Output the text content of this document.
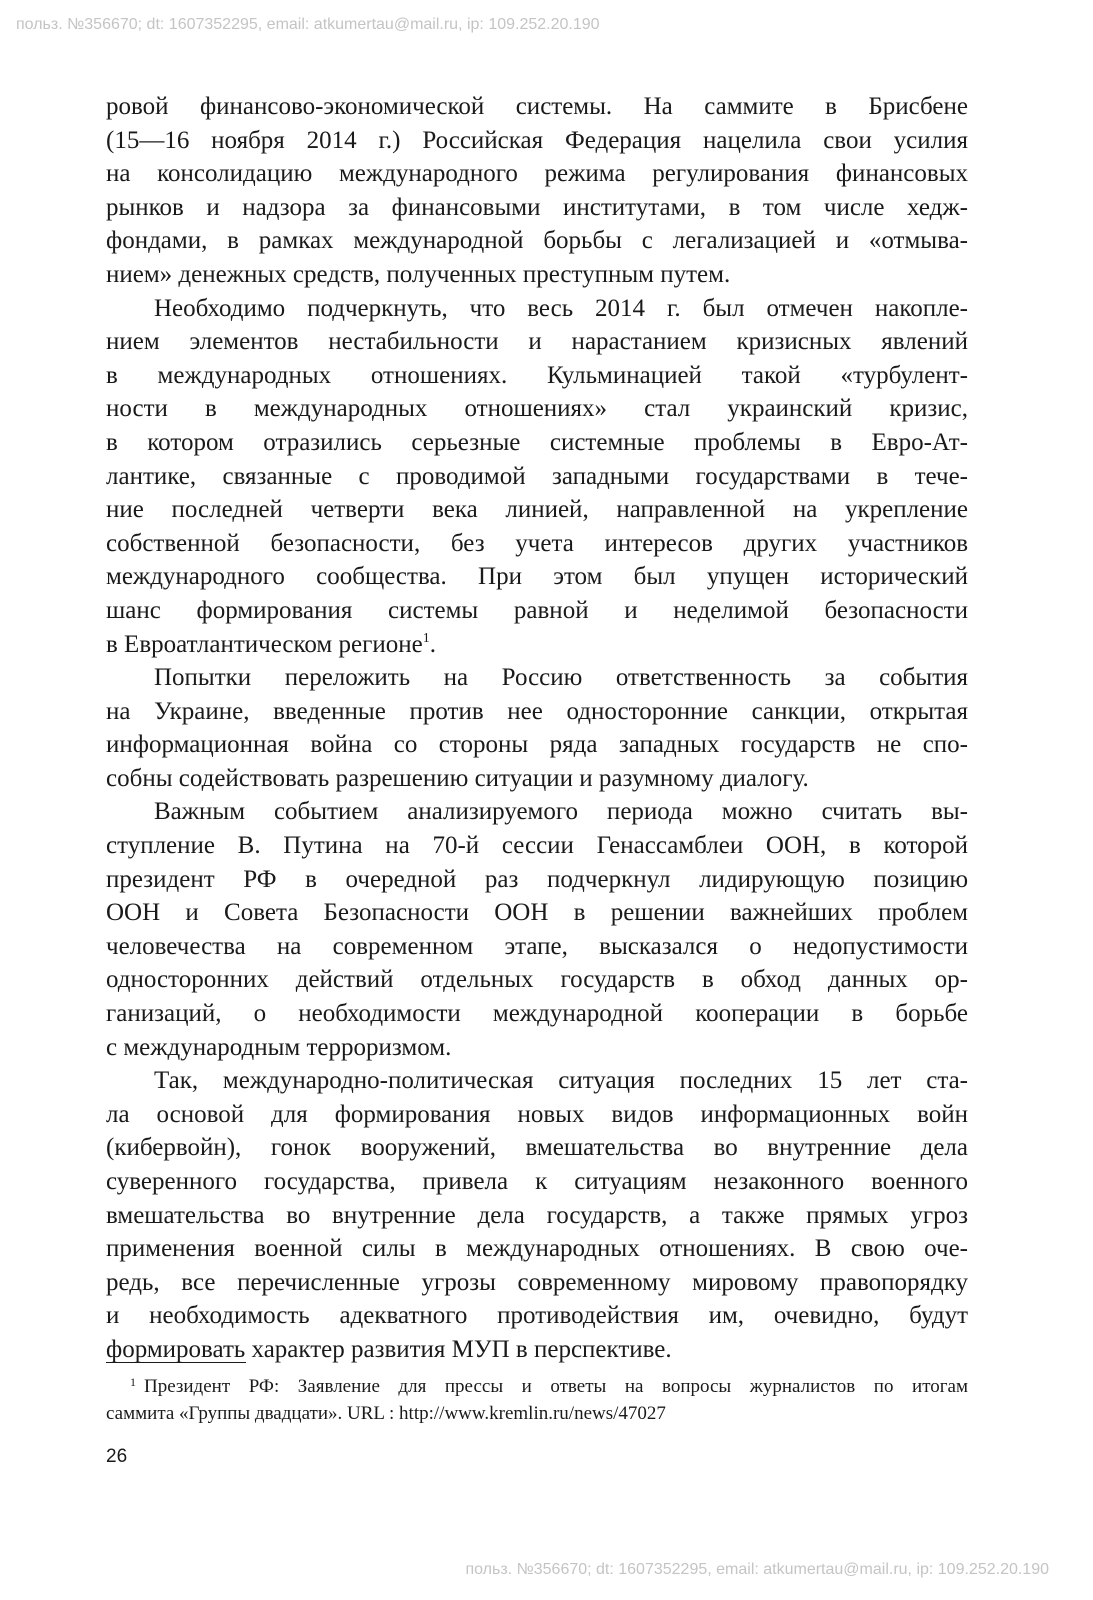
польз. №356670; dt: 1607352295, email: atkumertau@mail.ru, ip: 109.252.20.190
ровой финансово-экономической системы. На саммите в Брисбене
(15—16 ноября 2014 г.) Российская Федерация нацелила свои усилия
на консолидацию международного режима регулирования финансовых
рынков и надзора за финансовыми институтами, в том числе хедж-
фондами, в рамках международной борьбы с легализацией и «отмыва-
нием» денежных средств, полученных преступным путем.
Необходимо подчеркнуть, что весь 2014 г. был отмечен накопле-
нием элементов нестабильности и нарастанием кризисных явлений
в международных отношениях. Кульминацией такой «турбулент-
ности в международных отношениях» стал украинский кризис,
в котором отразились серьезные системные проблемы в Евро-Ат-
лантике, связанные с проводимой западными государствами в тече-
ние последней четверти века линией, направленной на укрепление
собственной безопасности, без учета интересов других участников
международного сообщества. При этом был упущен исторический
шанс формирования системы равной и неделимой безопасности
в Евроатлантическом регионе$^1$.
Попытки переложить на Россию ответственность за события
на Украине, введенные против нее односторонние санкции, открытая
информационная война со стороны ряда западных государств не спо-
собны содействовать разрешению ситуации и разумному диалогу.
Важным событием анализируемого периода можно считать вы-
ступление В. Путина на 70-й сессии Генассамблеи ООН, в которой
президент РФ в очередной раз подчеркнул лидирующую позицию
ООН и Совета Безопасности ООН в решении важнейших проблем
человечества на современном этапе, высказался о недопустимости
односторонних действий отдельных государств в обход данных ор-
ганизаций, о необходимости международной кооперации в борьбе
с международным терроризмом.
Так, международно-политическая ситуация последних 15 лет ста-
ла основой для формирования новых видов информационных войн
(кибервойн), гонок вооружений, вмешательства во внутренние дела
суверенного государства, привела к ситуациям незаконного военного
вмешательства во внутренние дела государств, а также прямых угроз
применения военной силы в международных отношениях. В свою оче-
редь, все перечисленные угрозы современному мировому правопорядку
и необходимость адекватного противодействия им, очевидно, будут
формировать характер развития МУП в перспективе.
$^1$ Президент РФ: Заявление для прессы и ответы на вопросы журналистов по итогам
саммита «Группы двадцати». URL : http://www.kremlin.ru/news/47027
26
польз. №356670; dt: 1607352295, email: atkumertau@mail.ru, ip: 109.252.20.190
